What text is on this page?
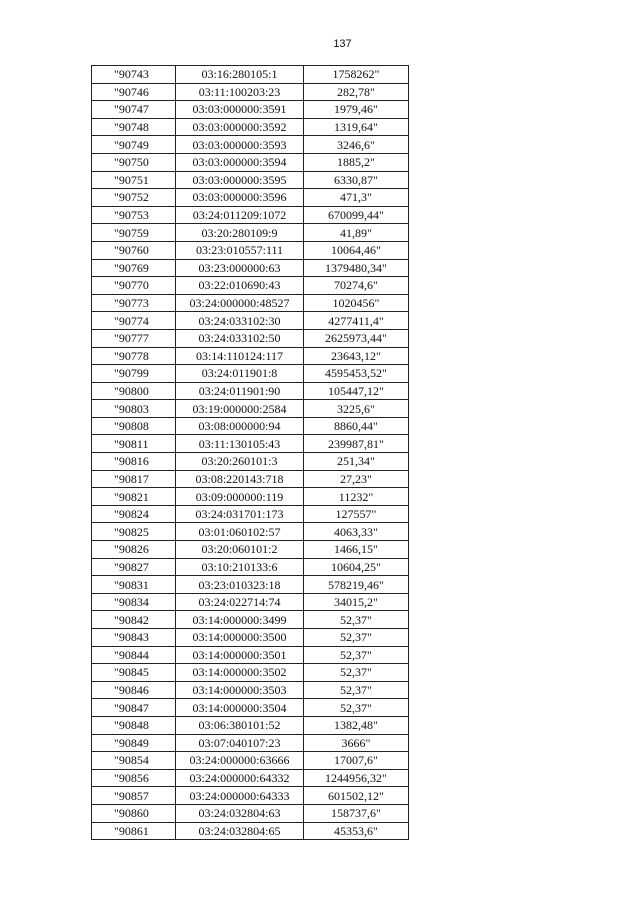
137
"90743	03:16:280105:1	1758262"
"90746	03:11:100203:23	282,78"
"90747	03:03:000000:3591	1979,46"
"90748	03:03:000000:3592	1319,64"
"90749	03:03:000000:3593	3246,6"
"90750	03:03:000000:3594	1885,2"
"90751	03:03:000000:3595	6330,87"
"90752	03:03:000000:3596	471,3"
"90753	03:24:011209:1072	670099,44"
"90759	03:20:280109:9	41,89"
"90760	03:23:010557:111	10064,46"
"90769	03:23:000000:63	1379480,34"
"90770	03:22:010690:43	70274,6"
"90773	03:24:000000:48527	1020456"
"90774	03:24:033102:30	4277411,4"
"90777	03:24:033102:50	2625973,44"
"90778	03:14:110124:117	23643,12"
"90799	03:24:011901:8	4595453,52"
"90800	03:24:011901:90	105447,12"
"90803	03:19:000000:2584	3225,6"
"90808	03:08:000000:94	8860,44"
"90811	03:11:130105:43	239987,81"
"90816	03:20:260101:3	251,34"
"90817	03:08:220143:718	27,23"
"90821	03:09:000000:119	11232"
"90824	03:24:031701:173	127557"
"90825	03:01:060102:57	4063,33"
"90826	03:20:060101:2	1466,15"
"90827	03:10:210133:6	10604,25"
"90831	03:23:010323:18	578219,46"
"90834	03:24:022714:74	34015,2"
"90842	03:14:000000:3499	52,37"
"90843	03:14:000000:3500	52,37"
"90844	03:14:000000:3501	52,37"
"90845	03:14:000000:3502	52,37"
"90846	03:14:000000:3503	52,37"
"90847	03:14:000000:3504	52,37"
"90848	03:06:380101:52	1382,48"
"90849	03:07:040107:23	3666"
"90854	03:24:000000:63666	17007,6"
"90856	03:24:000000:64332	1244956,32"
"90857	03:24:000000:64333	601502,12"
"90860	03:24:032804:63	158737,6"
"90861	03:24:032804:65	45353,6"
